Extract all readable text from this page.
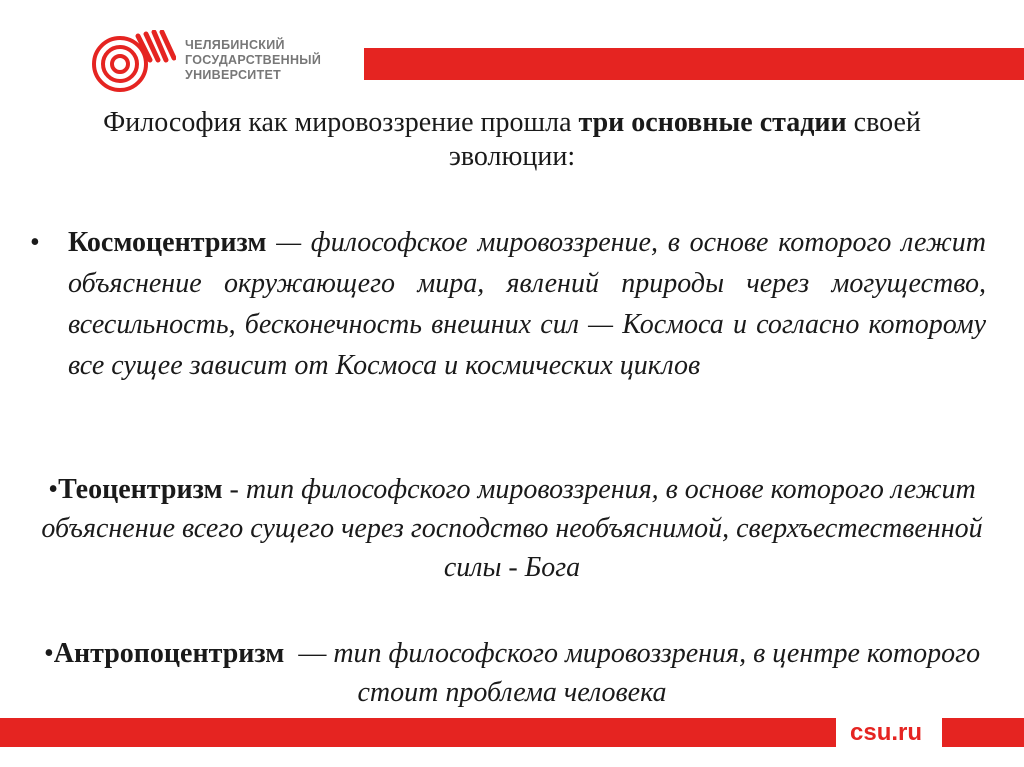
ЧЕЛЯБИНСКИЙ
ГОСУДАРСТВЕННЫЙ
УНИВЕРСИТЕТ
Философия как мировоззрение прошла три основные стадии своей эволюции:
• Космоцентризм — философское мировоззрение, в основе которого лежит объяснение окружающего мира, явлений природы через могущество, всесильность, бесконечность внешних сил — Космоса и согласно которому все сущее зависит от Космоса и космических циклов
•Теоцентризм - тип философского мировоззрения, в основе которого лежит объяснение всего сущего через господство необъяснимой, сверхъестественной силы - Бога
•Антропоцентризм  — тип философского мировоззрения, в центре которого стоит проблема человека
csu.ru
